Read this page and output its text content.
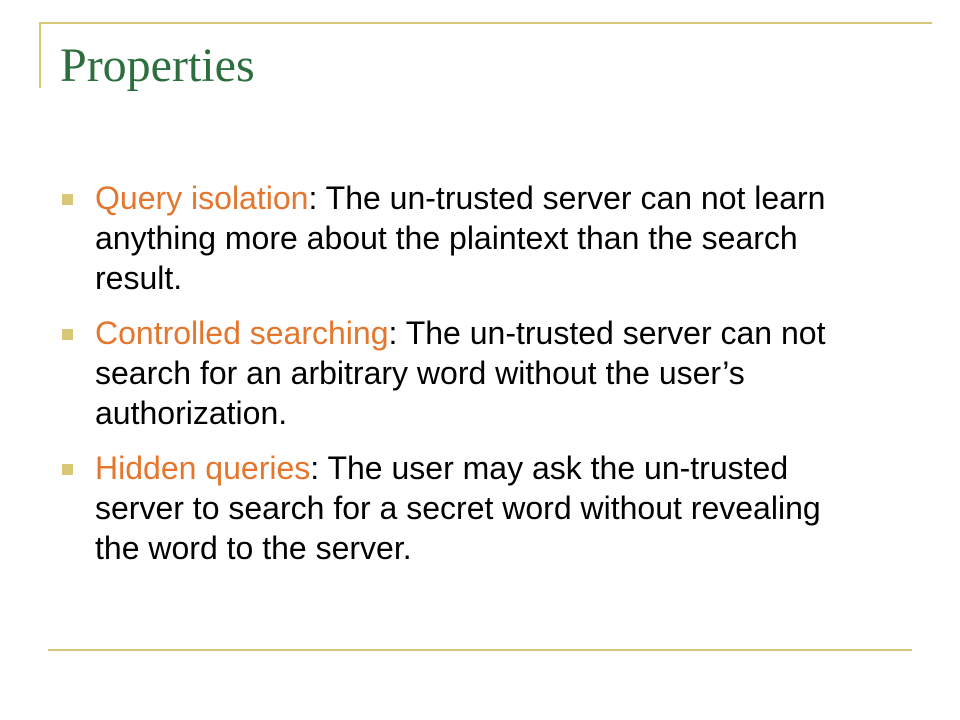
Properties
Query isolation: The un-trusted server can not learn anything more about the plaintext than the search result.
Controlled searching: The un-trusted server can not search for an arbitrary word without the user’s authorization.
Hidden queries: The user may ask the un-trusted server to search for a secret word without revealing the word to the server.
